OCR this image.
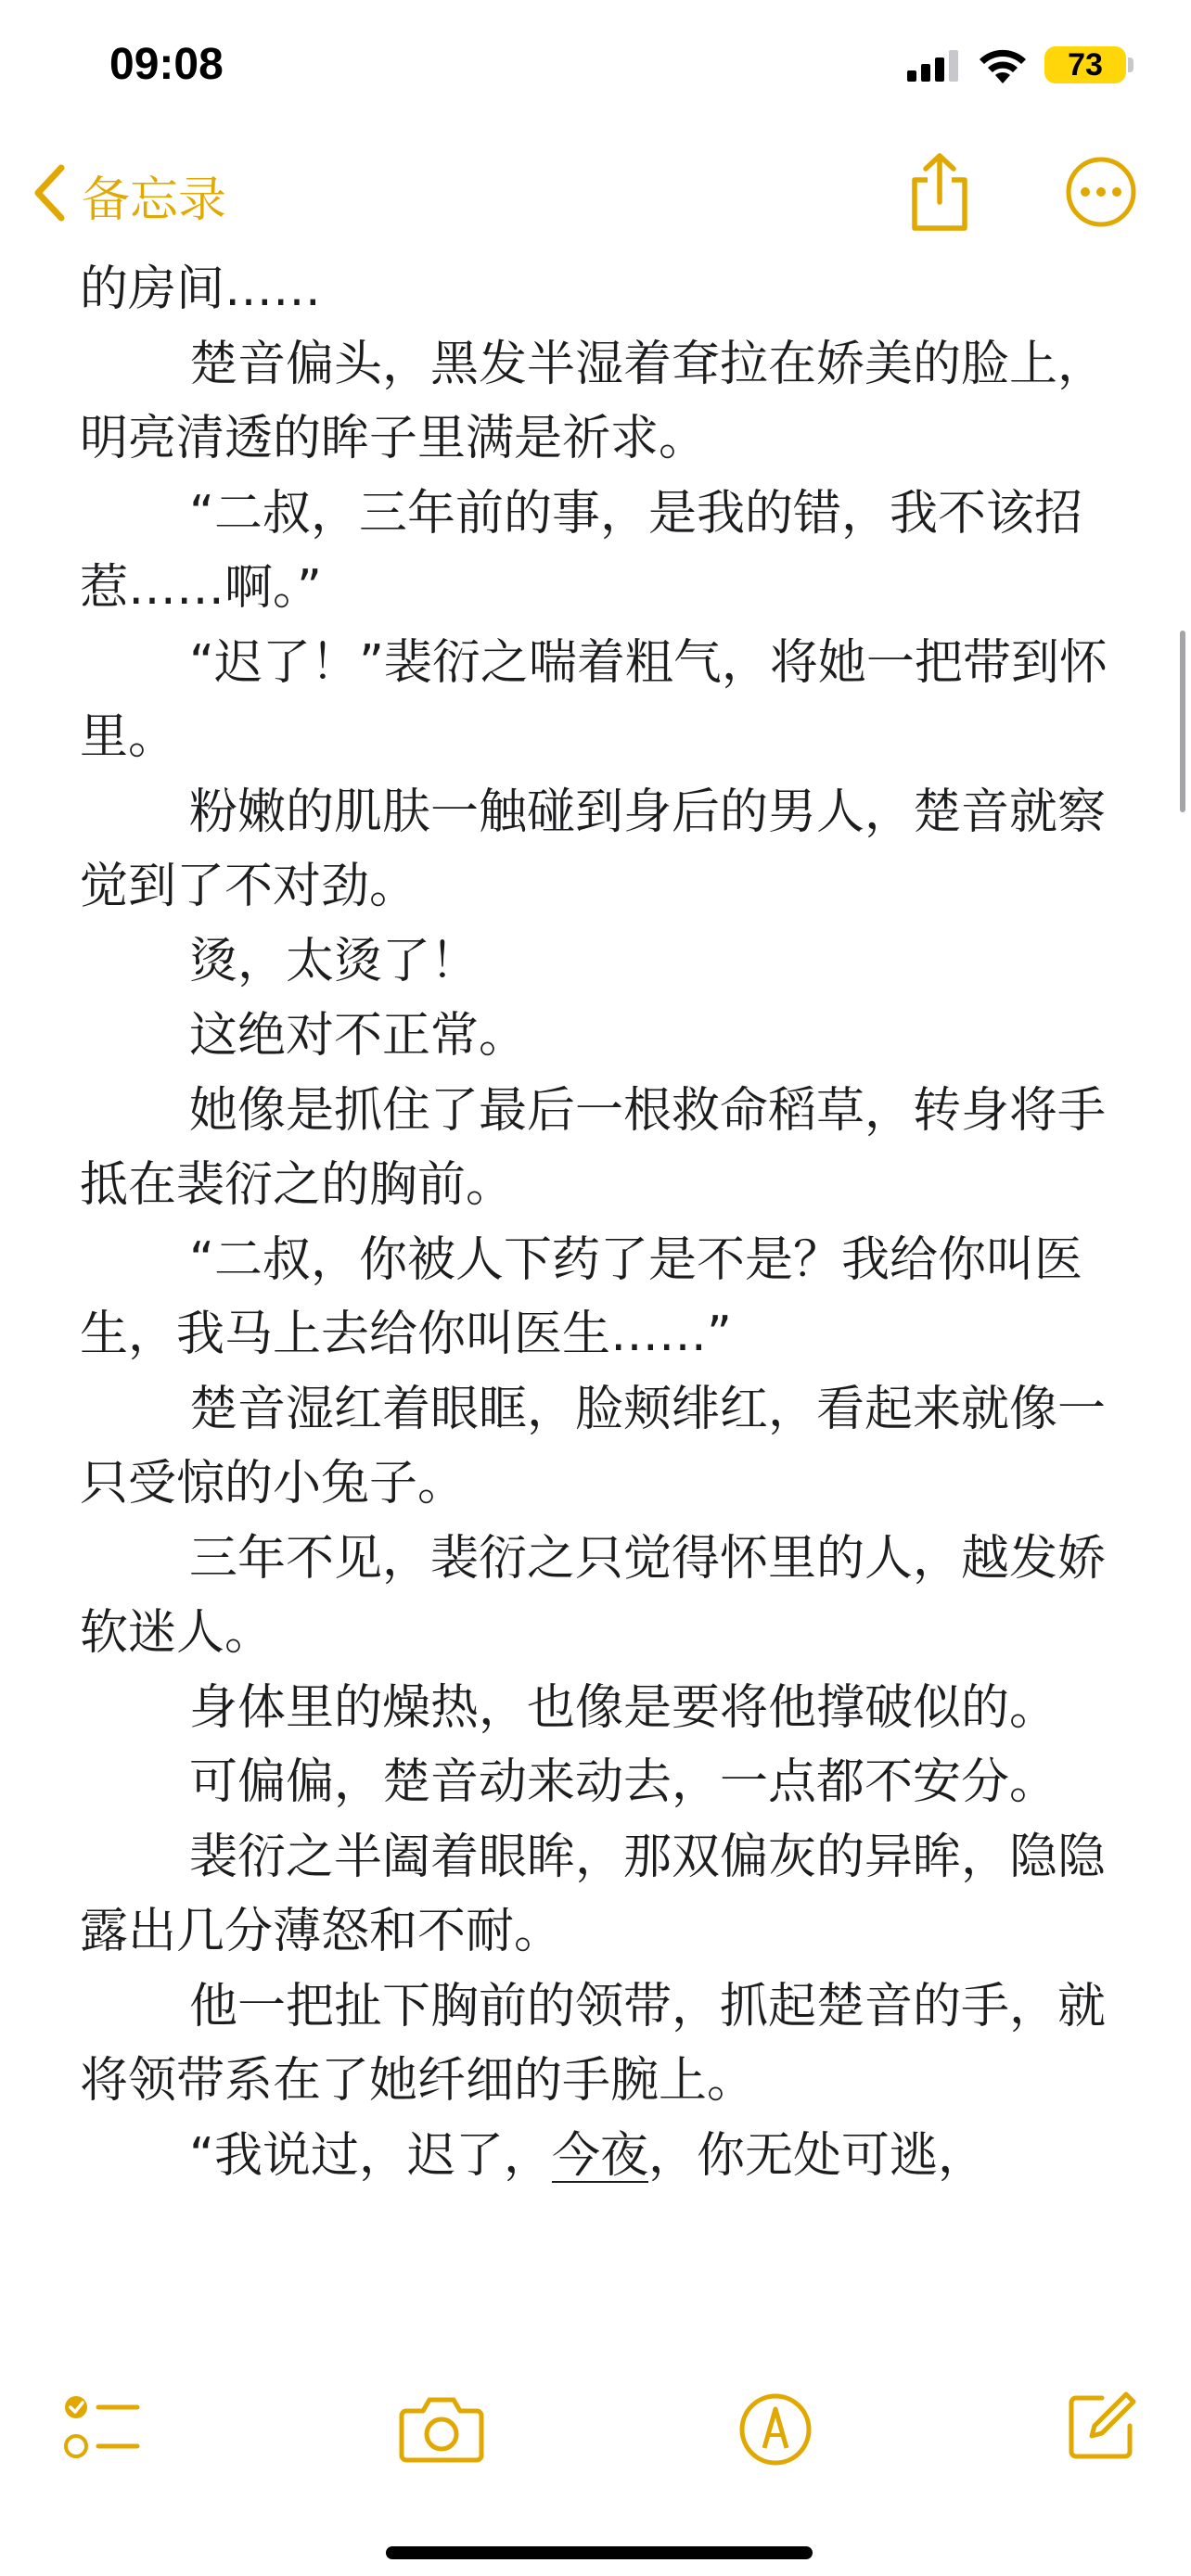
09:08	73
备忘录

的房间……

楚音偏头，黑发半湿着耷拉在娇美的脸上，明亮清透的眸子里满是祈求。

“二叔，三年前的事，是我的错，我不该招惹……啊。”

“迟了！”裴衍之喘着粗气，将她一把带到怀里。

粉嫩的肌肤一触碰到身后的男人，楚音就察觉到了不对劲。

烫，太烫了！

这绝对不正常。

她像是抓住了最后一根救命稻草，转身将手抵在裴衍之的胸前。

“二叔，你被人下药了是不是？我给你叫医生，我马上去给你叫医生……”

楚音湿红着眼眶，脸颊绯红，看起来就像一只受惊的小兔子。

三年不见，裴衍之只觉得怀里的人，越发娇软迷人。

身体里的燥热，也像是要将他撑破似的。

可偏偏，楚音动来动去，一点都不安分。

裴衍之半阖着眼眸，那双偏灰的异眸，隐隐露出几分薄怒和不耐。

他一把扯下胸前的领带，抓起楚音的手，就将领带系在了她纤细的手腕上。

“我说过，迟了，今夜，你无处可逃，
